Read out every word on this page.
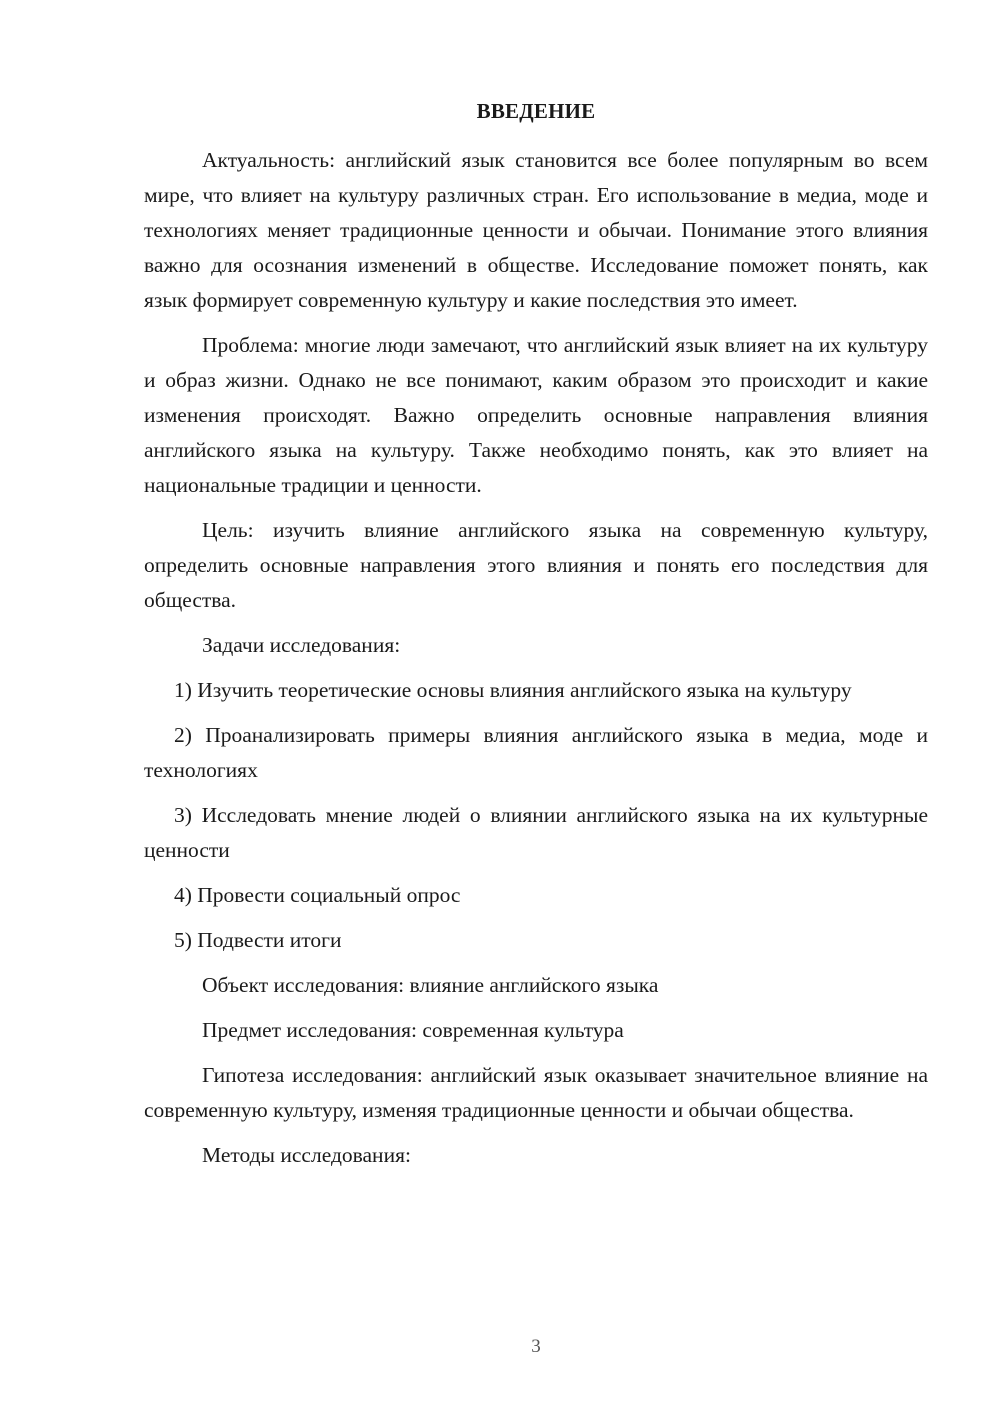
ВВЕДЕНИЕ

Актуальность: английский язык становится все более популярным во всем мире, что влияет на культуру различных стран. Его использование в медиа, моде и технологиях меняет традиционные ценности и обычаи. Понимание этого влияния важно для осознания изменений в обществе. Исследование поможет понять, как язык формирует современную культуру и какие последствия это имеет.

Проблема: многие люди замечают, что английский язык влияет на их культуру и образ жизни. Однако не все понимают, каким образом это происходит и какие изменения происходят. Важно определить основные направления влияния английского языка на культуру. Также необходимо понять, как это влияет на национальные традиции и ценности.

Цель: изучить влияние английского языка на современную культуру, определить основные направления этого влияния и понять его последствия для общества.

Задачи исследования:

1) Изучить теоретические основы влияния английского языка на культуру

2) Проанализировать примеры влияния английского языка в медиа, моде и технологиях

3) Исследовать мнение людей о влиянии английского языка на их культурные ценности

4) Провести социальный опрос

5) Подвести итоги

Объект исследования: влияние английского языка

Предмет исследования: современная культура

Гипотеза исследования: английский язык оказывает значительное влияние на современную культуру, изменяя традиционные ценности и обычаи общества.

Методы исследования:

3
